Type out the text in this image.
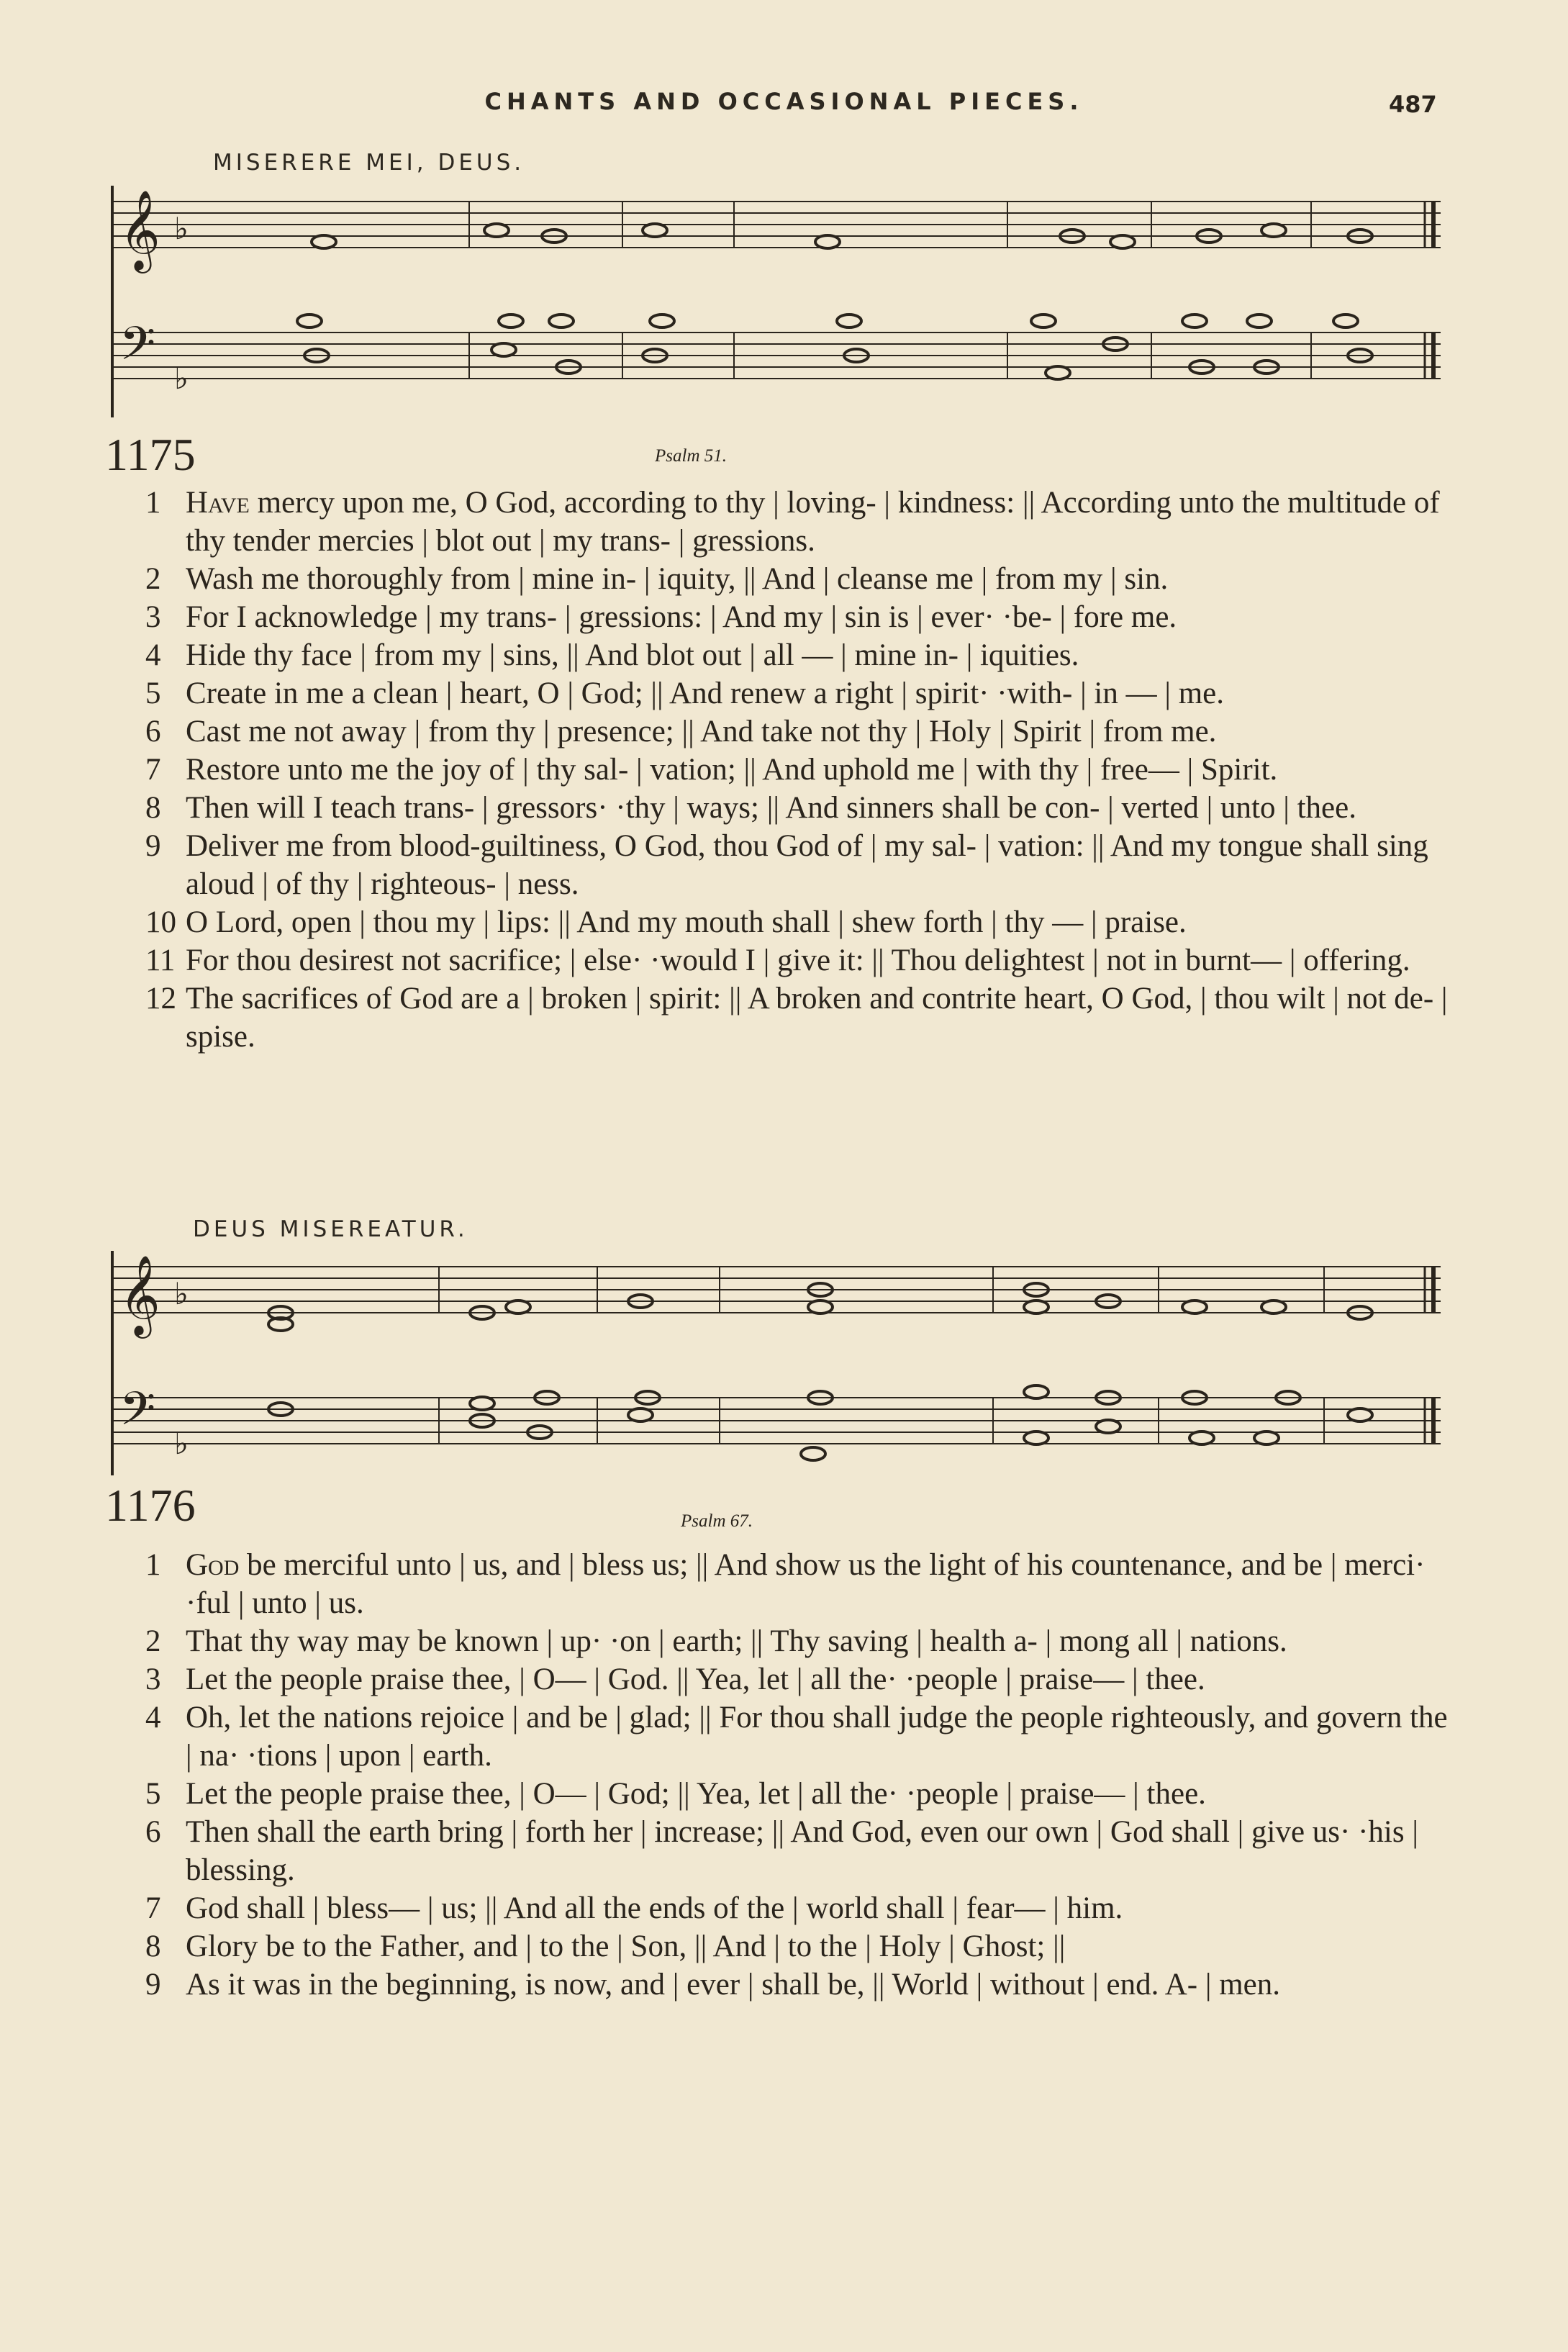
CHANTS AND OCCASIONAL PIECES.	487
MISERERE MEI, DEUS.
𝄞
𝄢
♭
♭
1175	Psalm 51.
1 Have mercy upon me, O God, according to thy | loving- | kindness: || According unto the multitude of thy tender mercies | blot out | my trans- | gressions.
2 Wash me thoroughly from | mine in- | iquity, || And | cleanse me | from my | sin.
3 For I acknowledge | my trans- | gressions: | And my | sin is | ever· ·be- | fore me.
4 Hide thy face | from my | sins, || And blot out | all — | mine in- | iquities.
5 Create in me a clean | heart, O | God; || And renew a right | spirit· ·with- | in — | me.
6 Cast me not away | from thy | presence; || And take not thy | Holy | Spirit | from me.
7 Restore unto me the joy of | thy sal- | vation; || And uphold me | with thy | free— | Spirit.
8 Then will I teach trans- | gressors· ·thy | ways; || And sinners shall be con- | verted | unto | thee.
9 Deliver me from blood-guiltiness, O God, thou God of | my sal- | vation: || And my tongue shall sing aloud | of thy | righteous- | ness.
10 O Lord, open | thou my | lips: || And my mouth shall | shew forth | thy — | praise.
11 For thou desirest not sacrifice; | else· ·would I | give it: || Thou delightest | not in burnt— | offering.
12 The sacrifices of God are a | broken | spirit: || A broken and contrite heart, O God, | thou wilt | not de- | spise.
DEUS MISEREATUR.
𝄞
𝄢
♭
♭
1176	Psalm 67.
1 God be merciful unto | us, and | bless us; || And show us the light of his countenance, and be | merci· ·ful | unto | us.
2 That thy way may be known | up· ·on | earth; || Thy saving | health a- | mong all | nations.
3 Let the people praise thee, | O— | God. || Yea, let | all the· ·people | praise— | thee.
4 Oh, let the nations rejoice | and be | glad; || For thou shall judge the people righteously, and govern the | na· ·tions | upon | earth.
5 Let the people praise thee, | O— | God; || Yea, let | all the· ·people | praise— | thee.
6 Then shall the earth bring | forth her | increase; || And God, even our own | God shall | give us· ·his | blessing.
7 God shall | bless— | us; || And all the ends of the | world shall | fear— | him.
8 Glory be to the Father, and | to the | Son, || And | to the | Holy | Ghost; ||
9 As it was in the beginning, is now, and | ever | shall be, || World | without | end. A- | men.
